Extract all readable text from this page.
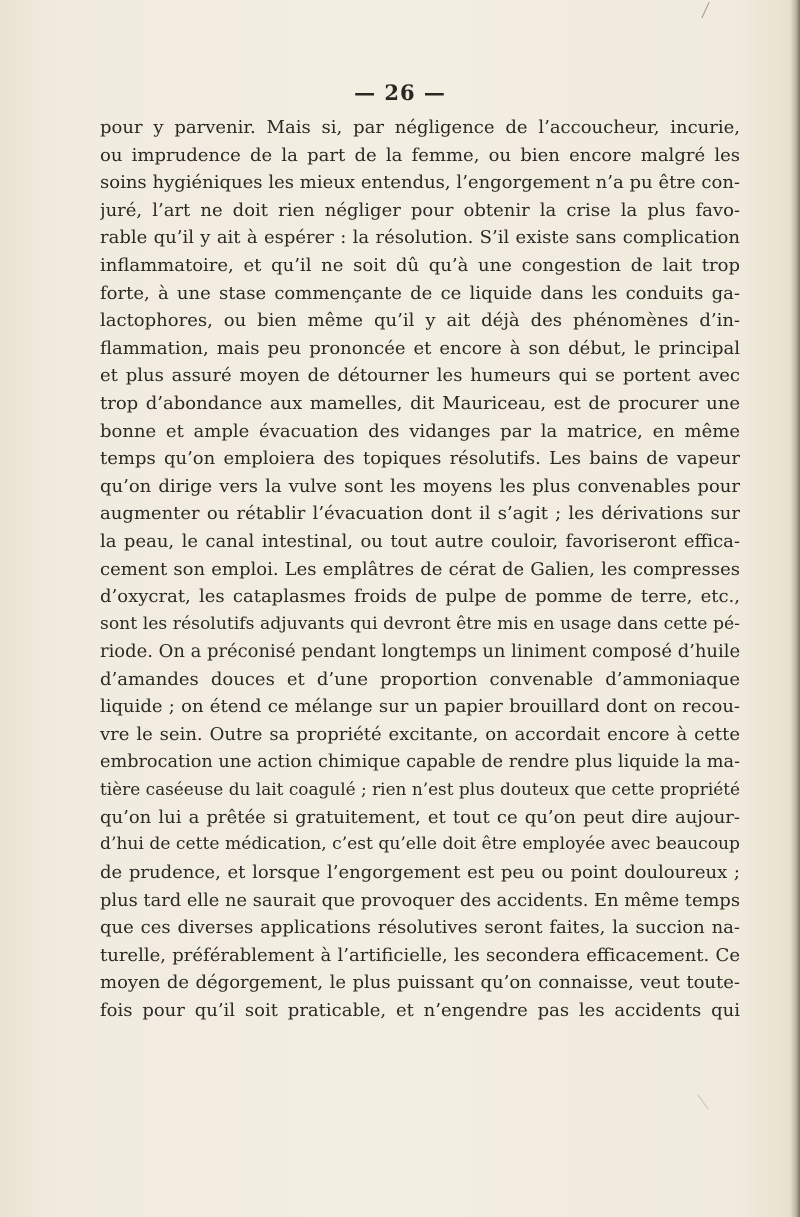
— 26 —
pour y parvenir. Mais si, par négligence de l’accoucheur, incurie,
ou imprudence de la part de la femme, ou bien encore malgré les
soins hygiéniques les mieux entendus, l’engorgement n’a pu être con-
juré, l’art ne doit rien négliger pour obtenir la crise la plus favo-
rable qu’il y ait à espérer : la résolution. S’il existe sans complication
inflammatoire, et qu’il ne soit dû qu’à une congestion de lait trop
forte, à une stase commençante de ce liquide dans les conduits ga-
lactophores, ou bien même qu’il y ait déjà des phénomènes d’in-
flammation, mais peu prononcée et encore à son début, le principal
et plus assuré moyen de détourner les humeurs qui se portent avec
trop d’abondance aux mamelles, dit Mauriceau, est de procurer une
bonne et ample évacuation des vidanges par la matrice, en même
temps qu’on emploiera des topiques résolutifs. Les bains de vapeur
qu’on dirige vers la vulve sont les moyens les plus convenables pour
augmenter ou rétablir l’évacuation dont il s’agit ; les dérivations sur
la peau, le canal intestinal, ou tout autre couloir, favoriseront effica-
cement son emploi. Les emplâtres de cérat de Galien, les compresses
d’oxycrat, les cataplasmes froids de pulpe de pomme de terre, etc.,
sont les résolutifs adjuvants qui devront être mis en usage dans cette pé-
riode. On a préconisé pendant longtemps un liniment composé d’huile
d’amandes douces et d’une proportion convenable d’ammoniaque
liquide ; on étend ce mélange sur un papier brouillard dont on recou-
vre le sein. Outre sa propriété excitante, on accordait encore à cette
embrocation une action chimique capable de rendre plus liquide la ma-
tière caséeuse du lait coagulé ; rien n’est plus douteux que cette propriété
qu’on lui a prêtée si gratuitement, et tout ce qu’on peut dire aujour-
d’hui de cette médication, c’est qu’elle doit être employée avec beaucoup
de prudence, et lorsque l’engorgement est peu ou point douloureux ;
plus tard elle ne saurait que provoquer des accidents. En même temps
que ces diverses applications résolutives seront faites, la succion na-
turelle, préférablement à l’artificielle, les secondera efficacement. Ce
moyen de dégorgement, le plus puissant qu’on connaisse, veut toute-
fois pour qu’il soit praticable, et n’engendre pas les accidents qui
